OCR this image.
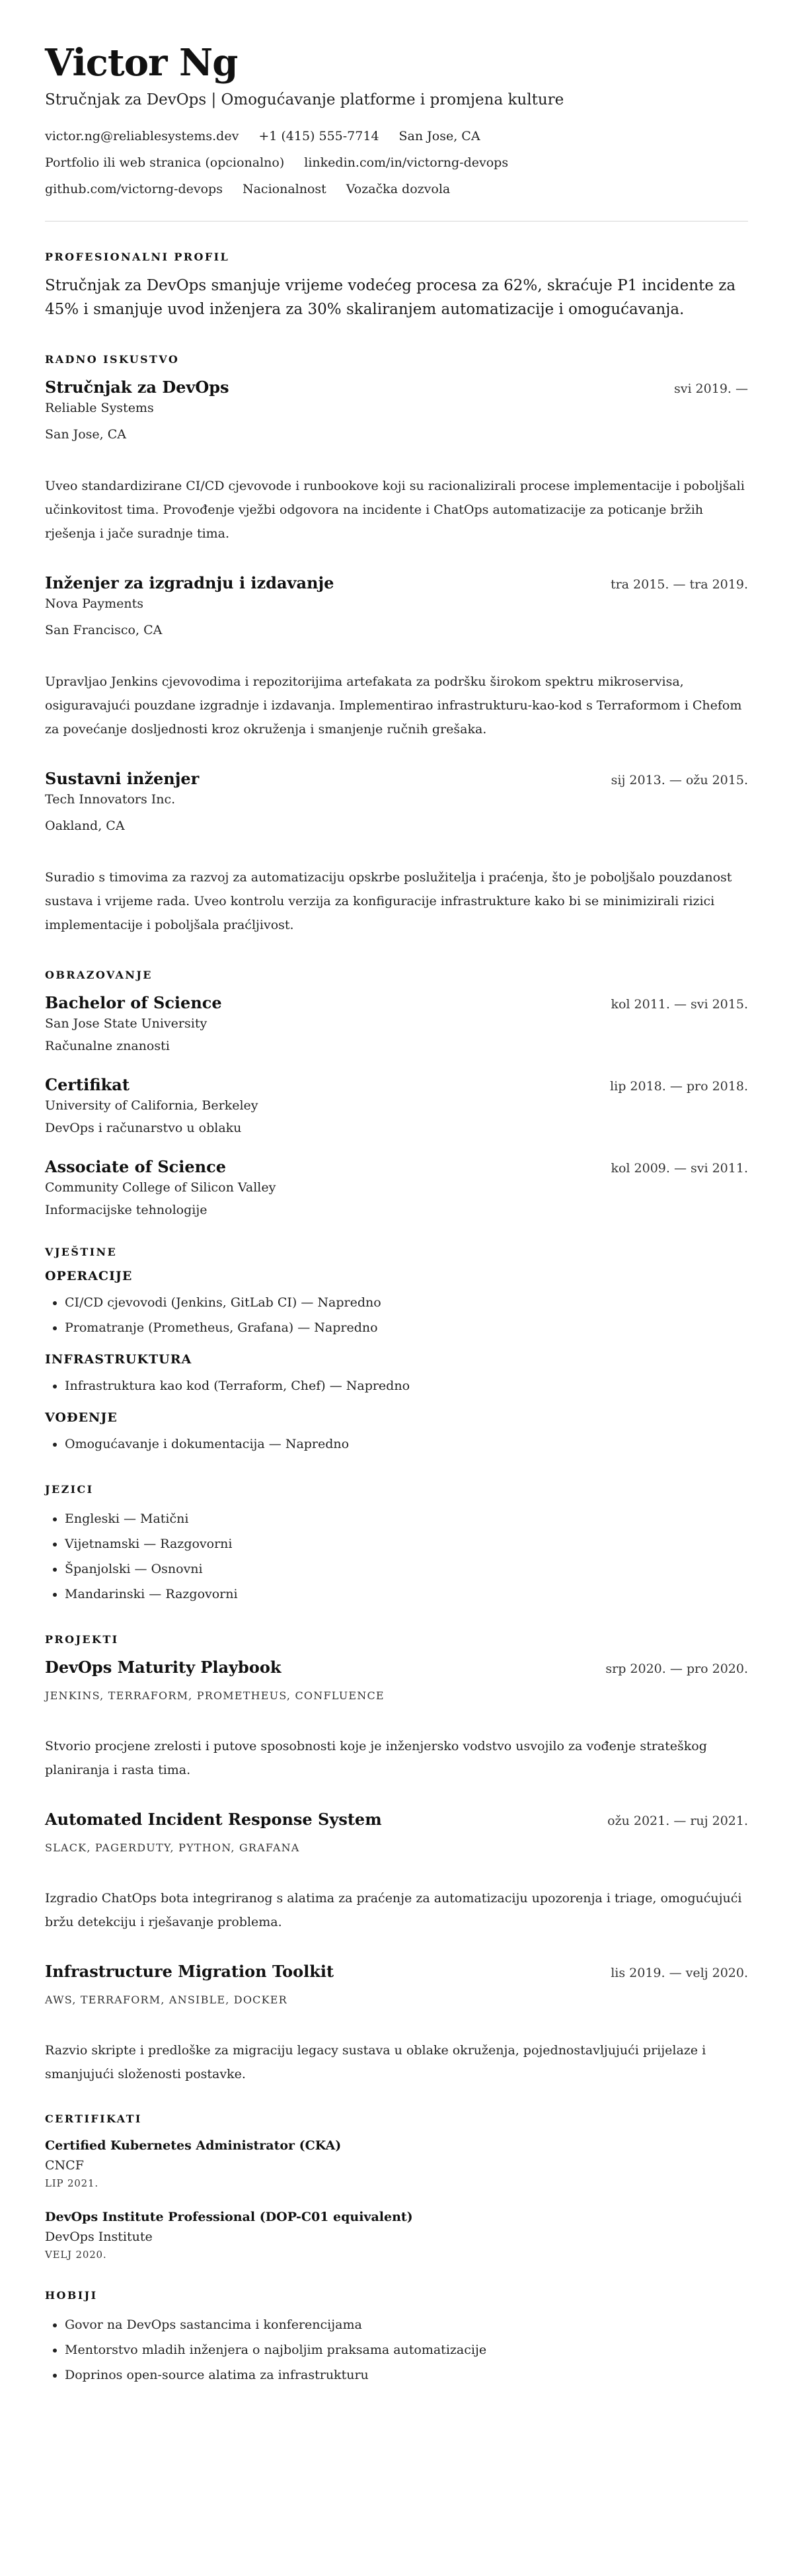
Victor Ng
Stručnjak za DevOps | Omogućavanje platforme i promjena kulture
victor.ng@reliablesystems.dev +1 (415) 555-7714 San Jose, CA
Portfolio ili web stranica (opcionalno) linkedin.com/in/victorng-devops
github.com/victorng-devops Nacionalnost Vozačka dozvola
PROFESIONALNI PROFIL

Stručnjak za DevOps smanjuje vrijeme vodećeg procesa za 62%, skraćuje P1 incidente za 45% i smanjuje uvod inženjera za 30% skaliranjem automatizacije i omogućavanja.

RADNO ISKUSTVO
Stručnjak za DevOps	svi 2019. —
Reliable Systems
San Jose, CA
Uveo standardizirane CI/CD cjevovode i runbookove koji su racionalizirali procese implementacije i poboljšali učinkovitost tima. Provođenje vježbi odgovora na incidente i ChatOps automatizacije za poticanje bržih rješenja i jače suradnje tima.
Inženjer za izgradnju i izdavanje	tra 2015. — tra 2019.
Nova Payments
San Francisco, CA
Upravljao Jenkins cjevovodima i repozitorijima artefakata za podršku širokom spektru mikroservisa, osiguravajući pouzdane izgradnje i izdavanja. Implementirao infrastrukturu-kao-kod s Terraformom i Chefom za povećanje dosljednosti kroz okruženja i smanjenje ručnih grešaka.
Sustavni inženjer	sij 2013. — ožu 2015.
Tech Innovators Inc.
Oakland, CA
Suradio s timovima za razvoj za automatizaciju opskrbe poslužitelja i praćenja, što je poboljšalo pouzdanost sustava i vrijeme rada. Uveo kontrolu verzija za konfiguracije infrastrukture kako bi se minimizirali rizici implementacije i poboljšala praćljivost.
OBRAZOVANJE
Bachelor of Science	kol 2011. — svi 2015.
San Jose State University
Računalne znanosti
Certifikat	lip 2018. — pro 2018.
University of California, Berkeley
DevOps i računarstvo u oblaku
Associate of Science	kol 2009. — svi 2011.
Community College of Silicon Valley
Informacijske tehnologije
VJEŠTINE
OPERACIJE
• CI/CD cjevovodi (Jenkins, GitLab CI) — Napredno
• Promatranje (Prometheus, Grafana) — Napredno
INFRASTRUKTURA
• Infrastruktura kao kod (Terraform, Chef) — Napredno
VOĐENJE
• Omogućavanje i dokumentacija — Napredno
JEZICI
• Engleski — Matični
• Vijetnamski — Razgovorni
• Španjolski — Osnovni
• Mandarinski — Razgovorni
PROJEKTI
DevOps Maturity Playbook	srp 2020. — pro 2020.
JENKINS, TERRAFORM, PROMETHEUS, CONFLUENCE
Stvorio procjene zrelosti i putove sposobnosti koje je inženjersko vodstvo usvojilo za vođenje strateškog planiranja i rasta tima.
Automated Incident Response System	ožu 2021. — ruj 2021.
SLACK, PAGERDUTY, PYTHON, GRAFANA
Izgradio ChatOps bota integriranog s alatima za praćenje za automatizaciju upozorenja i triage, omogućujući bržu detekciju i rješavanje problema.
Infrastructure Migration Toolkit	lis 2019. — velj 2020.
AWS, TERRAFORM, ANSIBLE, DOCKER
Razvio skripte i predloške za migraciju legacy sustava u oblake okruženja, pojednostavljujući prijelaze i smanjujući složenosti postavke.
CERTIFIKATI
Certified Kubernetes Administrator (CKA)
CNCF
LIP 2021.
DevOps Institute Professional (DOP-C01 equivalent)
DevOps Institute
VELJ 2020.
HOBIJI
• Govor na DevOps sastancima i konferencijama
• Mentorstvo mladih inženjera o najboljim praksama automatizacije
• Doprinos open-source alatima za infrastrukturu
